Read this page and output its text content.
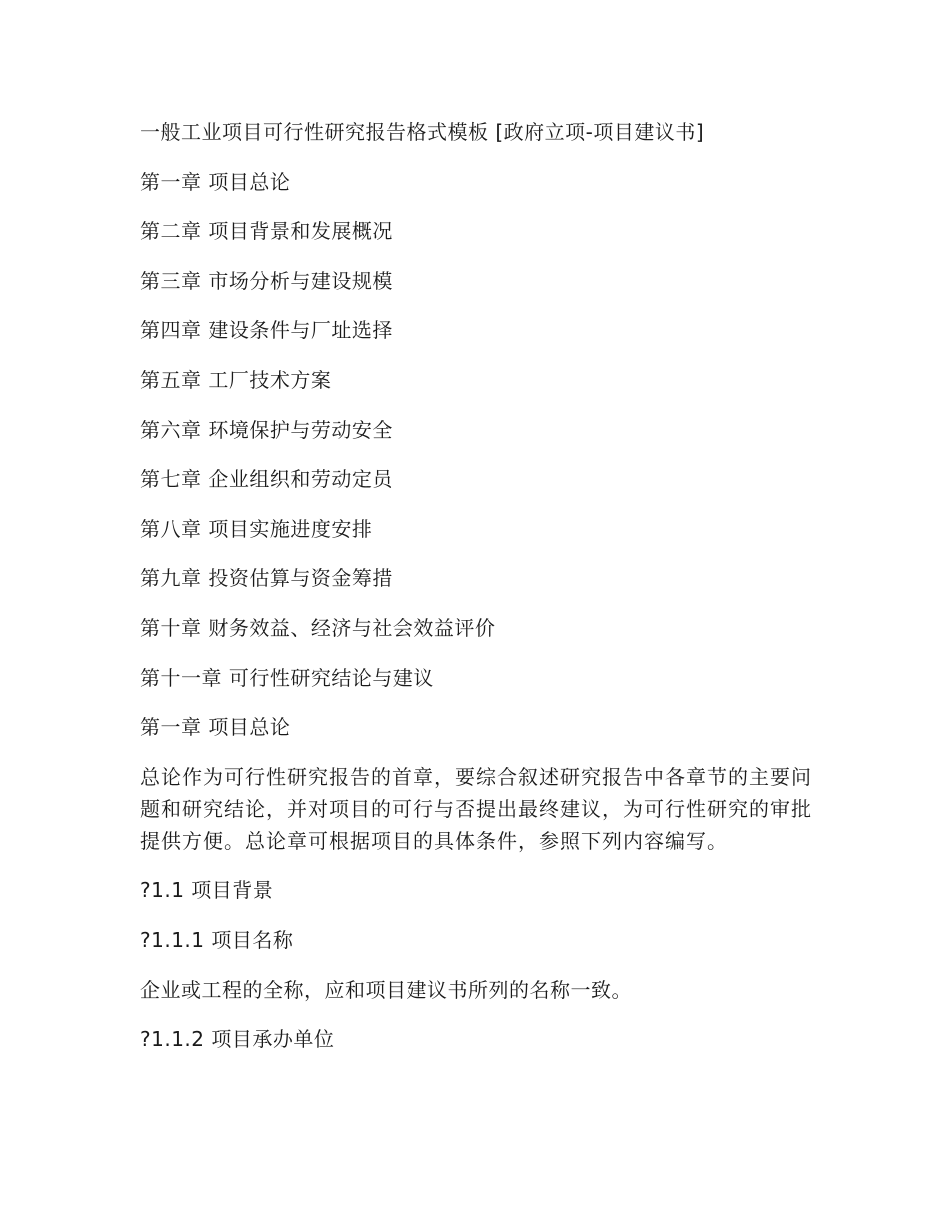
一般工业项目可行性研究报告格式模板 [政府立项-项目建议书]
第一章 项目总论
第二章 项目背景和发展概况
第三章 市场分析与建设规模
第四章 建设条件与厂址选择
第五章 工厂技术方案
第六章 环境保护与劳动安全
第七章 企业组织和劳动定员
第八章 项目实施进度安排
第九章 投资估算与资金筹措
第十章 财务效益、经济与社会效益评价
第十一章 可行性研究结论与建议
第一章 项目总论
总论作为可行性研究报告的首章，要综合叙述研究报告中各章节的主要问题和研究结论，并对项目的可行与否提出最终建议，为可行性研究的审批提供方便。总论章可根据项目的具体条件，参照下列内容编写。
?1.1 项目背景
?1.1.1 项目名称
企业或工程的全称，应和项目建议书所列的名称一致。
?1.1.2 项目承办单位
